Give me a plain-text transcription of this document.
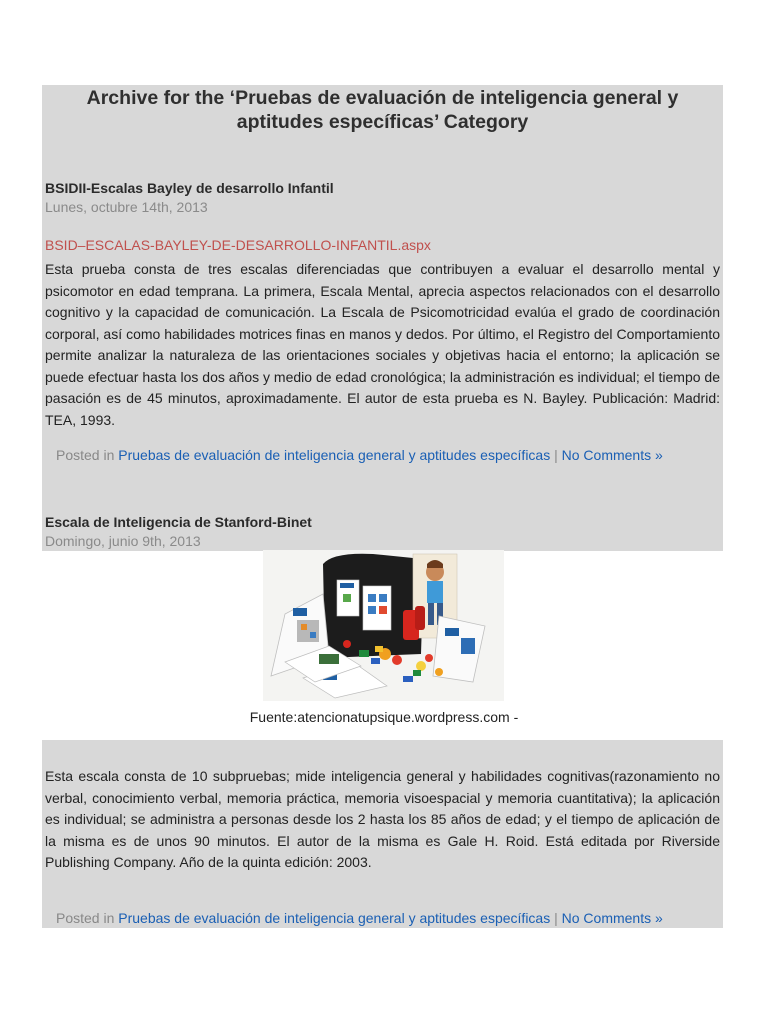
Archive for the ‘Pruebas de evaluación de inteligencia general y aptitudes específicas’ Category
BSIDII-Escalas Bayley de desarrollo Infantil
Lunes, octubre 14th, 2013
BSID–ESCALAS-BAYLEY-DE-DESARROLLO-INFANTIL.aspx
Esta prueba consta de tres escalas diferenciadas que contribuyen a evaluar el desarrollo mental y psicomotor en edad temprana. La primera, Escala Mental, aprecia aspectos relacionados con el desarrollo cognitivo y la capacidad de comunicación. La Escala de Psicomotricidad evalúa el grado de coordinación corporal, así como habilidades motrices finas en manos y dedos. Por último, el Registro del Comportamiento permite analizar la naturaleza de las orientaciones sociales y objetivas hacia el entorno; la aplicación se puede efectuar hasta los dos años y medio de edad cronológica; la administración es individual; el tiempo de pasación es de 45 minutos, aproximadamente. El autor de esta prueba es N. Bayley. Publicación: Madrid: TEA, 1993.
Posted in Pruebas de evaluación de inteligencia general y aptitudes específicas | No Comments »
Escala de Inteligencia de Stanford-Binet
Domingo, junio 9th, 2013
Fuente:atencionatupsique.wordpress.com -
Esta escala consta de 10 subpruebas; mide inteligencia general y habilidades cognitivas(razonamiento no verbal, conocimiento verbal, memoria práctica, memoria visoespacial y memoria cuantitativa); la aplicación es individual; se administra a personas desde los 2 hasta los 85 años de edad; y el tiempo de aplicación de la misma es de unos 90 minutos. El autor de la misma es Gale H. Roid. Está editada por Riverside Publishing Company. Año de la quinta edición: 2003.
Posted in Pruebas de evaluación de inteligencia general y aptitudes específicas | No Comments »
